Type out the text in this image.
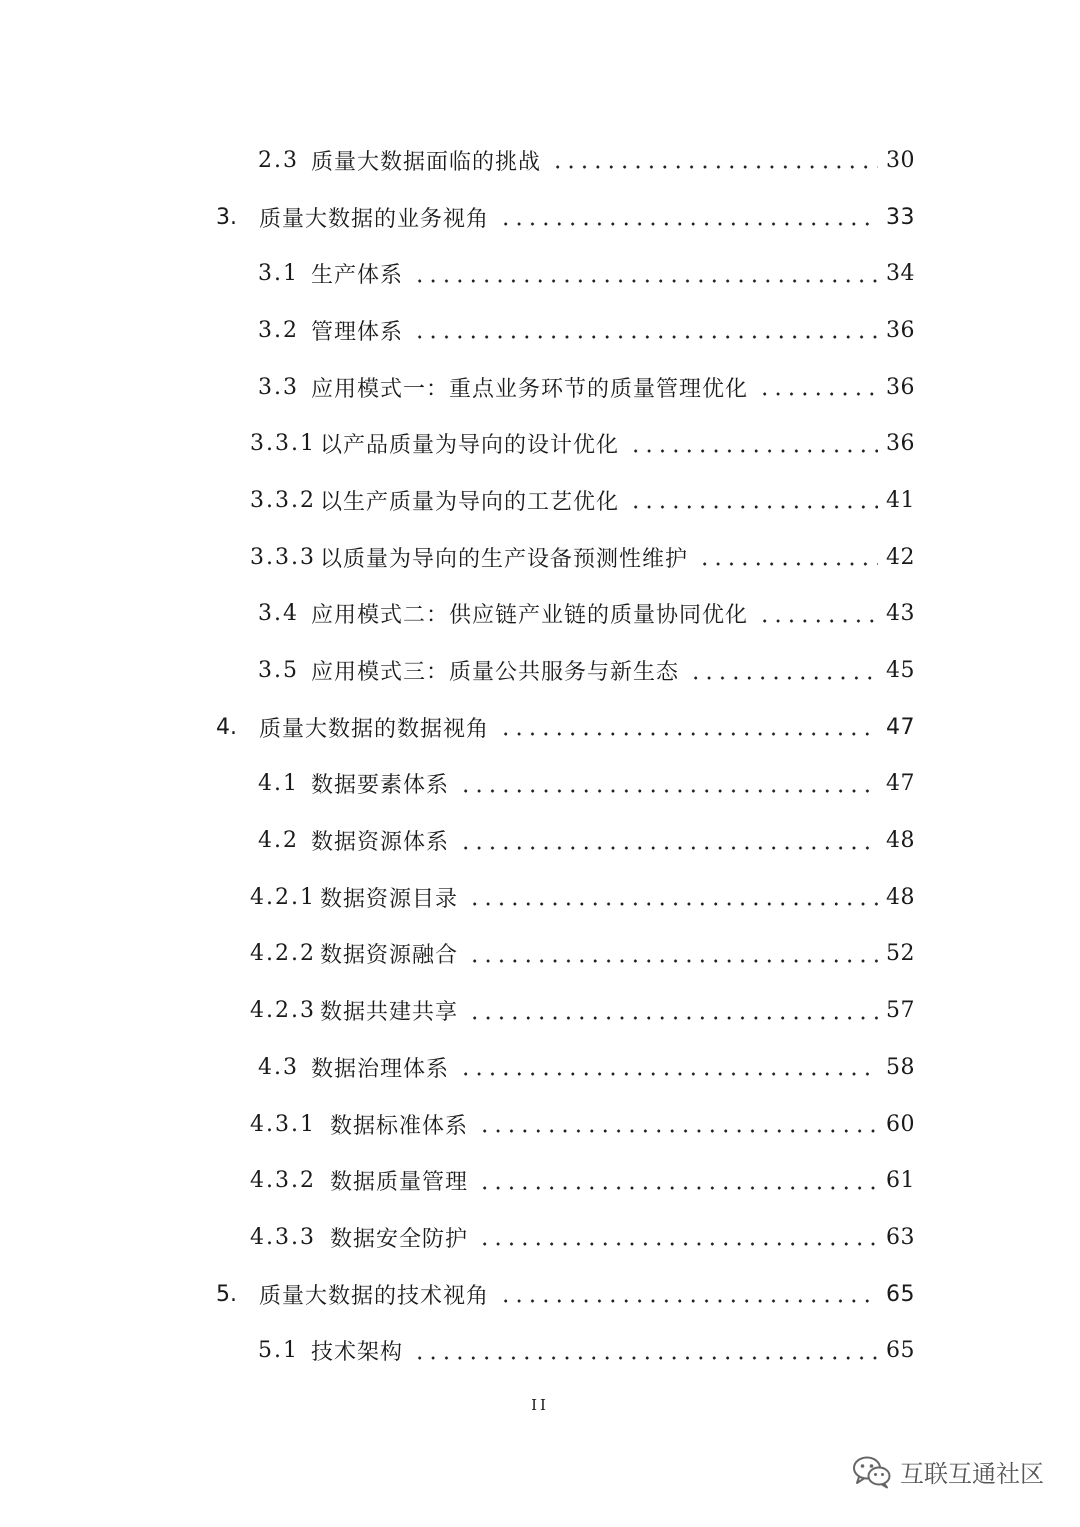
2.3 质量大数据面临的挑战	30
3. 质量大数据的业务视角	33
3.1 生产体系	34
3.2 管理体系	36
3.3 应用模式一：重点业务环节的质量管理优化	36
3.3.1 以产品质量为导向的设计优化	36
3.3.2 以生产质量为导向的工艺优化	41
3.3.3 以质量为导向的生产设备预测性维护	42
3.4 应用模式二：供应链产业链的质量协同优化	43
3.5 应用模式三：质量公共服务与新生态	45
4. 质量大数据的数据视角	47
4.1 数据要素体系	47
4.2 数据资源体系	48
4.2.1 数据资源目录	48
4.2.2 数据资源融合	52
4.2.3 数据共建共享	57
4.3 数据治理体系	58
4.3.1 数据标准体系	60
4.3.2 数据质量管理	61
4.3.3 数据安全防护	63
5. 质量大数据的技术视角	65
5.1 技术架构	65
II
互联互通社区
